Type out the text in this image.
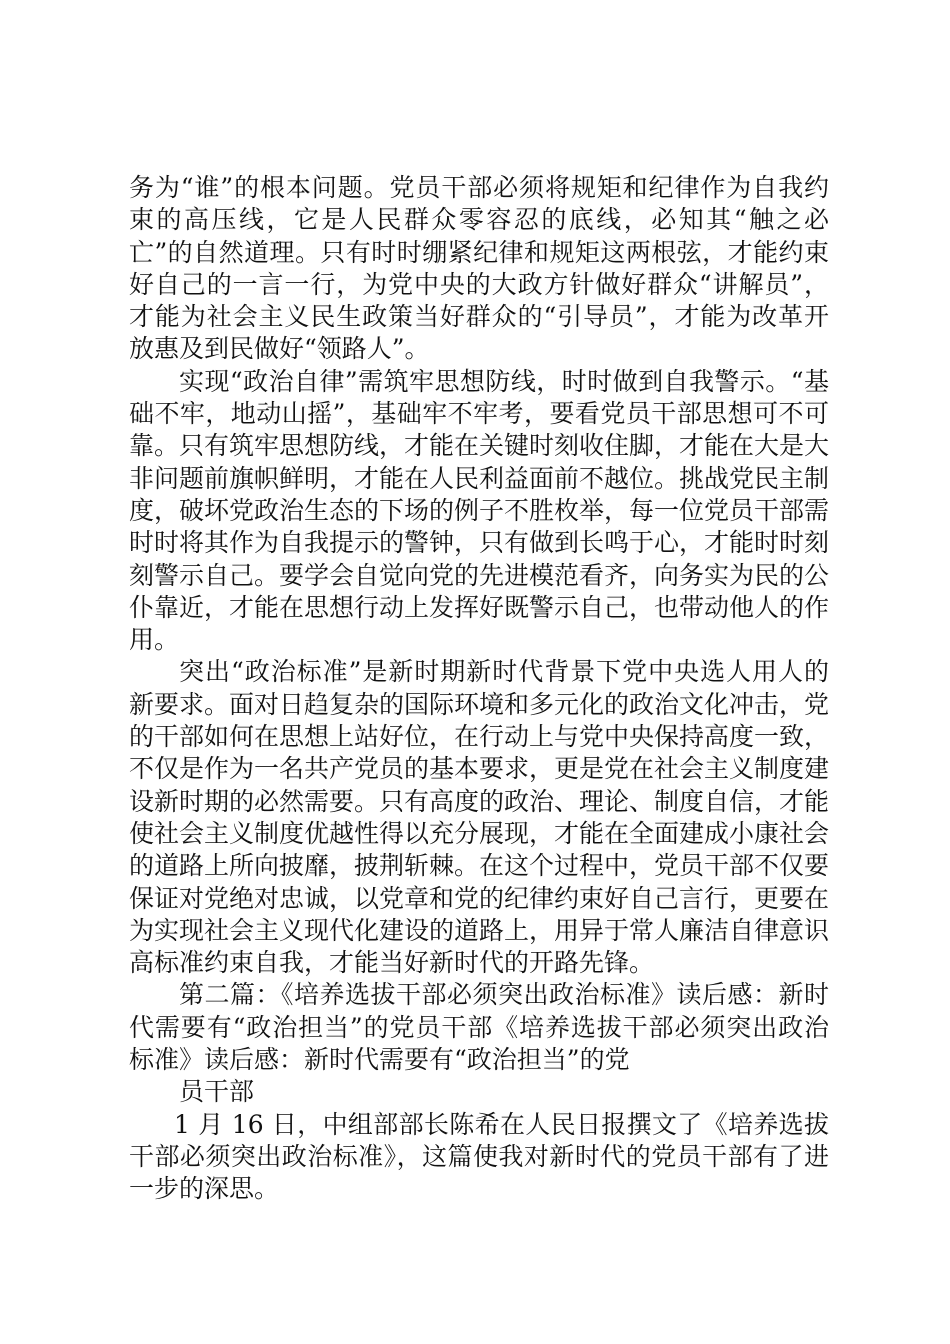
务为“谁”的根本问题。党员干部必须将规矩和纪律作为自我约束的高压线，它是人民群众零容忍的底线，必知其“触之必亡”的自然道理。只有时时绷紧纪律和规矩这两根弦，才能约束好自己的一言一行，为党中央的大政方针做好群众“讲解员”，才能为社会主义民生政策当好群众的“引导员”，才能为改革开放惠及到民做好“领路人”。

实现“政治自律”需筑牢思想防线，时时做到自我警示。“基础不牢，地动山摇”，基础牢不牢考，要看党员干部思想可不可靠。只有筑牢思想防线，才能在关键时刻收住脚，才能在大是大非问题前旗帜鲜明，才能在人民利益面前不越位。挑战党民主制度，破坏党政治生态的下场的例子不胜枚举，每一位党员干部需时时将其作为自我提示的警钟，只有做到长鸣于心，才能时时刻刻警示自己。要学会自觉向党的先进模范看齐，向务实为民的公仆靠近，才能在思想行动上发挥好既警示自己，也带动他人的作用。

突出“政治标准”是新时期新时代背景下党中央选人用人的新要求。面对日趋复杂的国际环境和多元化的政治文化冲击，党的干部如何在思想上站好位，在行动上与党中央保持高度一致，不仅是作为一名共产党员的基本要求，更是党在社会主义制度建设新时期的必然需要。只有高度的政治、理论、制度自信，才能使社会主义制度优越性得以充分展现，才能在全面建成小康社会的道路上所向披靡，披荆斩棘。在这个过程中，党员干部不仅要保证对党绝对忠诚，以党章和党的纪律约束好自己言行，更要在为实现社会主义现代化建设的道路上，用异于常人廉洁自律意识高标准约束自我，才能当好新时代的开路先锋。

第二篇：《培养选拔干部必须突出政治标准》读后感：新时代需要有“政治担当”的党员干部《培养选拔干部必须突出政治标准》读后感：新时代需要有“政治担当”的党

员干部

1 月 16 日，中组部部长陈希在人民日报撰文了《培养选拔干部必须突出政治标准》，这篇使我对新时代的党员干部有了进一步的深思。
